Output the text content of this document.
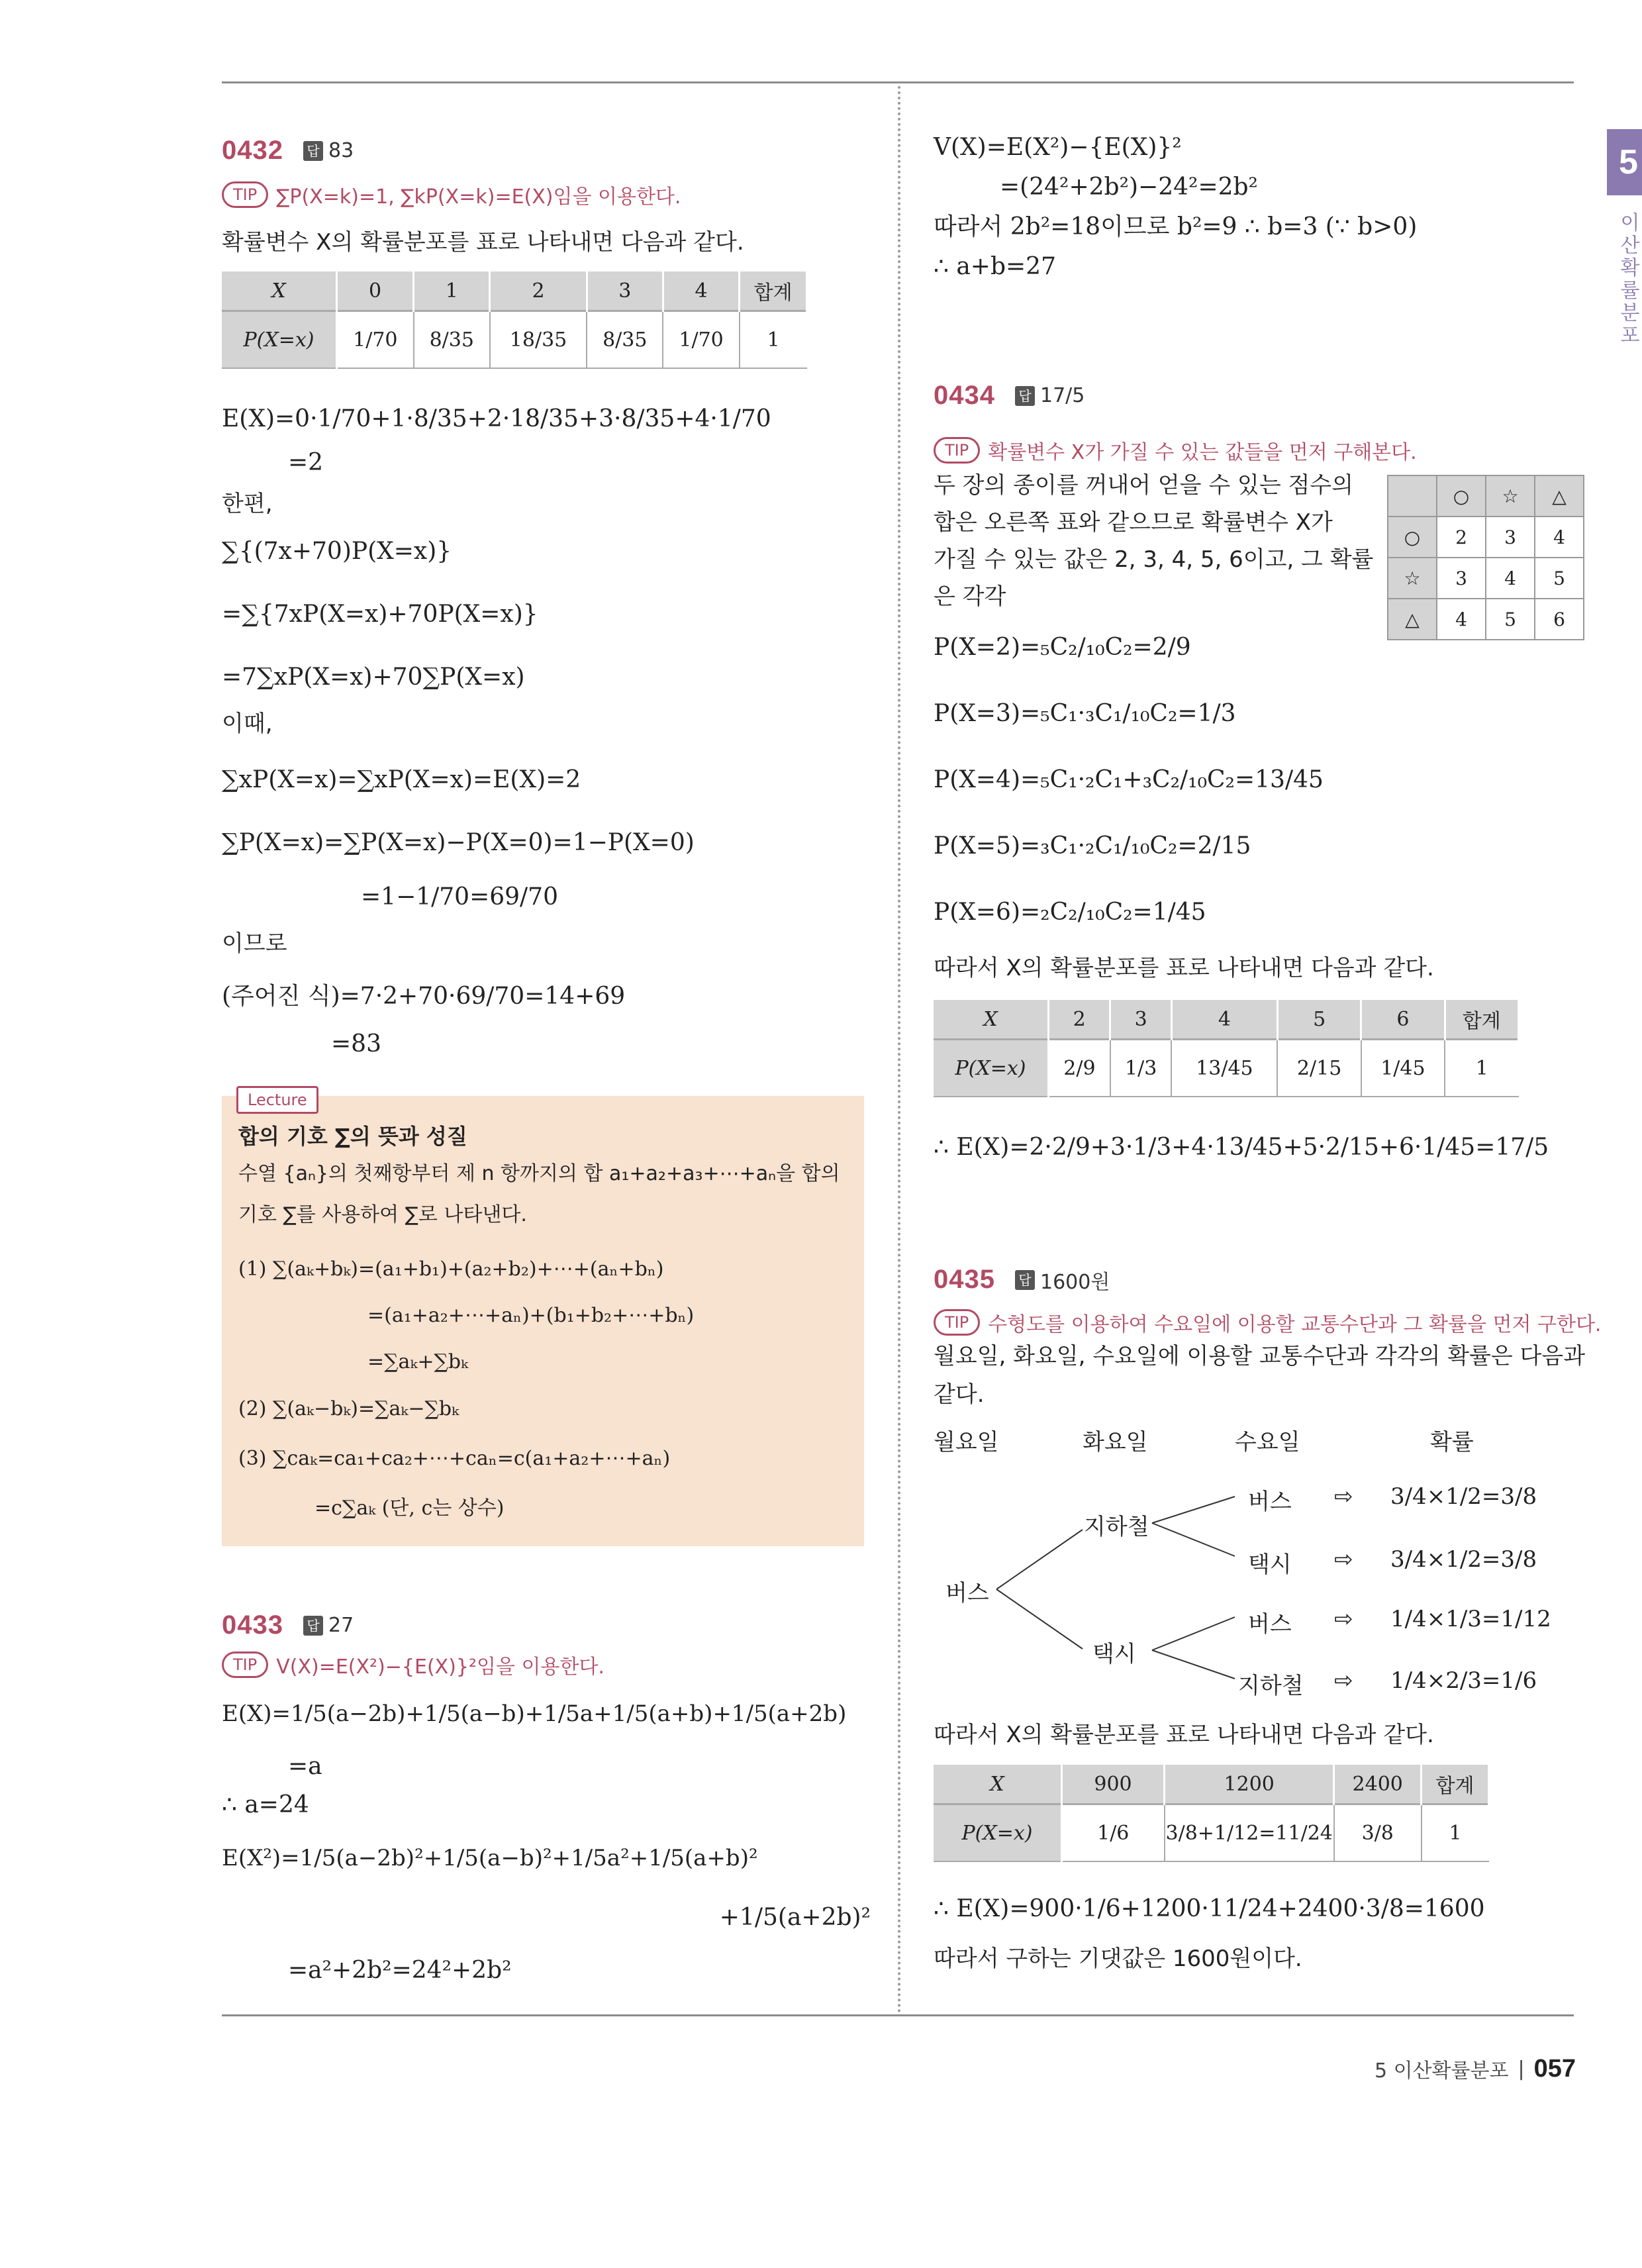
5
이산확률분포
0432 답 83
TIP ∑P(X=k)=1, ∑kP(X=k)=E(X)임을 이용한다.
확률변수 X의 확률분포를 표로 나타내면 다음과 같다.
X	0	1	2	3	4	합계
P(X=x)	1/70	8/35	18/35	8/35	1/70	1
E(X)=0·1/70+1·8/35+2·18/35+3·8/35+4·1/70
=2
한편,
∑{(7x+70)P(X=x)}
=∑{7xP(X=x)+70P(X=x)}
=7∑xP(X=x)+70∑P(X=x)
이때,
∑xP(X=x)=∑xP(X=x)=E(X)=2
∑P(X=x)=∑P(X=x)−P(X=0)=1−P(X=0)
=1−1/70=69/70
이므로
(주어진 식)=7·2+70·69/70=14+69
=83
Lecture
합의 기호 ∑의 뜻과 성질
수열 {aₙ}의 첫째항부터 제 n 항까지의 합 a₁+a₂+a₃+⋯+aₙ을 합의
기호 ∑를 사용하여 ∑로 나타낸다.
(1) ∑(aₖ+bₖ)=(a₁+b₁)+(a₂+b₂)+⋯+(aₙ+bₙ)
=(a₁+a₂+⋯+aₙ)+(b₁+b₂+⋯+bₙ)
=∑aₖ+∑bₖ
(2) ∑(aₖ−bₖ)=∑aₖ−∑bₖ
(3) ∑caₖ=ca₁+ca₂+⋯+caₙ=c(a₁+a₂+⋯+aₙ)
=c∑aₖ (단, c는 상수)
0433 답 27
TIP V(X)=E(X²)−{E(X)}²임을 이용한다.
E(X)=1/5(a−2b)+1/5(a−b)+1/5a+1/5(a+b)+1/5(a+2b)
=a
∴ a=24
E(X²)=1/5(a−2b)²+1/5(a−b)²+1/5a²+1/5(a+b)²
+1/5(a+2b)²
=a²+2b²=24²+2b²
V(X)=E(X²)−{E(X)}²
=(24²+2b²)−24²=2b²
따라서 2b²=18이므로 b²=9 ∴ b=3 (∵ b>0)
∴ a+b=27
0434 답 17/5
TIP 확률변수 X가 가질 수 있는 값들을 먼저 구해본다.
두 장의 종이를 꺼내어 얻을 수 있는 점수의
합은 오른쪽 표와 같으므로 확률변수 X가
가질 수 있는 값은 2, 3, 4, 5, 6이고, 그 확률
은 각각
	○	☆	△
○	2	3	4
☆	3	4	5
△	4	5	6
P(X=2)=₅C₂/₁₀C₂=2/9
P(X=3)=₅C₁·₃C₁/₁₀C₂=1/3
P(X=4)=₅C₁·₂C₁+₃C₂/₁₀C₂=13/45
P(X=5)=₃C₁·₂C₁/₁₀C₂=2/15
P(X=6)=₂C₂/₁₀C₂=1/45
따라서 X의 확률분포를 표로 나타내면 다음과 같다.
X	2	3	4	5	6	합계
P(X=x)	2/9	1/3	13/45	2/15	1/45	1
∴ E(X)=2·2/9+3·1/3+4·13/45+5·2/15+6·1/45=17/5
0435 답 1600원
TIP 수형도를 이용하여 수요일에 이용할 교통수단과 그 확률을 먼저 구한다.
월요일, 화요일, 수요일에 이용할 교통수단과 각각의 확률은 다음과
같다.
월요일	화요일	수요일	확률
버스
지하철
택시
버스
택시
버스
지하철
⇨
⇨
⇨
⇨
3/4×1/2=3/8
3/4×1/2=3/8
1/4×1/3=1/12
1/4×2/3=1/6
따라서 X의 확률분포를 표로 나타내면 다음과 같다.
X	900	1200	2400	합계
P(X=x)	1/6	3/8+1/12=11/24	3/8	1
∴ E(X)=900·1/6+1200·11/24+2400·3/8=1600
따라서 구하는 기댓값은 1600원이다.
5 이산확률분포 | 057
